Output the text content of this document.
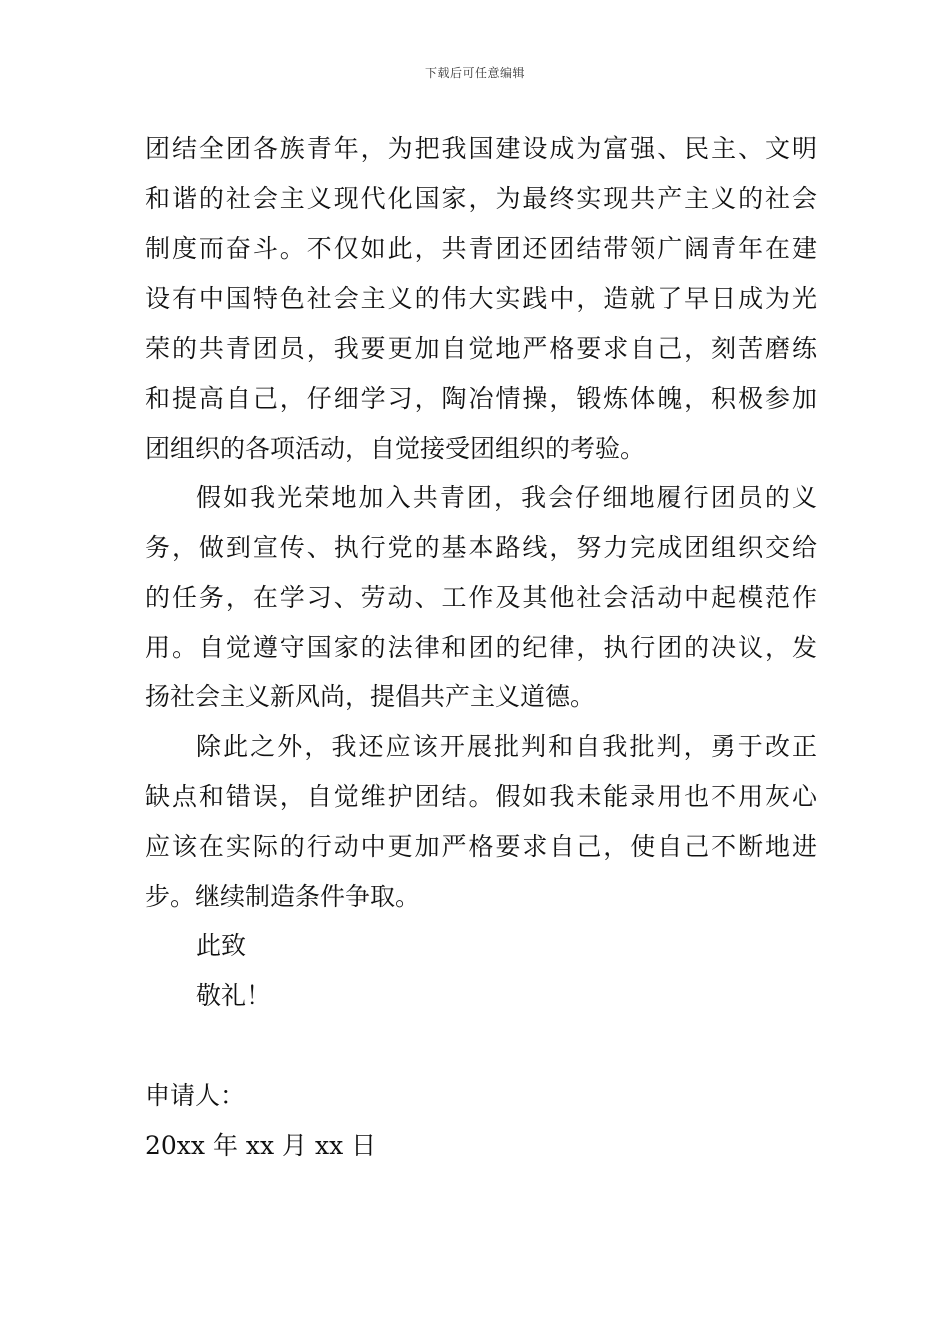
下载后可任意编辑
团结全团各族青年，为把我国建设成为富强、民主、文明
和谐的社会主义现代化国家，为最终实现共产主义的社会
制度而奋斗。不仅如此，共青团还团结带领广阔青年在建
设有中国特色社会主义的伟大实践中，造就了早日成为光
荣的共青团员，我要更加自觉地严格要求自己，刻苦磨练
和提高自己，仔细学习，陶冶情操，锻炼体魄，积极参加
团组织的各项活动，自觉接受团组织的考验。
假如我光荣地加入共青团，我会仔细地履行团员的义
务，做到宣传、执行党的基本路线，努力完成团组织交给
的任务，在学习、劳动、工作及其他社会活动中起模范作
用。自觉遵守国家的法律和团的纪律，执行团的决议，发
扬社会主义新风尚，提倡共产主义道德。
除此之外，我还应该开展批判和自我批判，勇于改正
缺点和错误，自觉维护团结。假如我未能录用也不用灰心
应该在实际的行动中更加严格要求自己，使自己不断地进
步。继续制造条件争取。
此致
敬礼！
申请人：
20xx 年 xx 月 xx 日
